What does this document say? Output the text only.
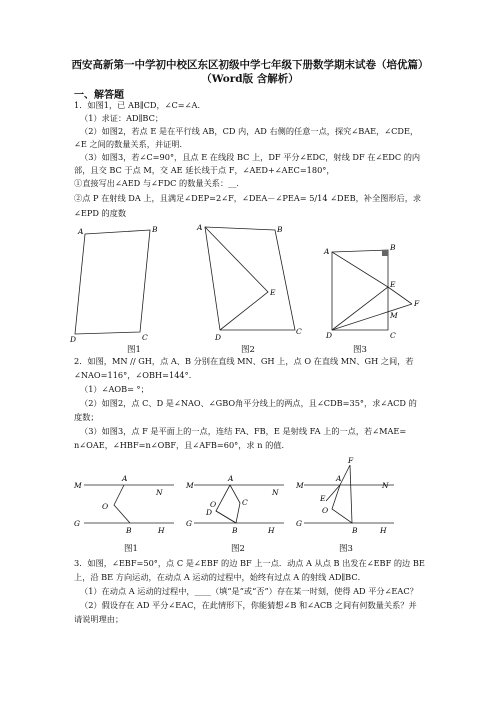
西安高新第一中学初中校区东区初级中学七年级下册数学期末试卷（培优篇）
（Word版 含解析）
一、解答题
1．如图1，已 AB∥CD，∠C=∠A．
（1）求证：AD∥BC；
（2）如图2，若点 E 是在平行线 AB，CD 内，AD 右侧的任意一点，探究∠BAE，∠CDE，
∠E 之间的数量关系，并证明．
（3）如图3，若∠C=90°，且点 E 在线段 BC 上，DF 平分∠EDC，射线 DF 在∠EDC 的内
部，且交 BC 于点 M，交 AE 延长线于点 F，∠AED+∠AEC=180°，
①直接写出∠AED 与∠FDC 的数量关系：__．
②点 P 在射线 DA 上，且满足∠DEP=2∠F，∠DEA－∠PEA= 5/14 ∠DEB，补全图形后，求
∠EPD 的度数
A	B
D	C
A	B
E
D
C
A	B
E
F
M
D	C
图1	图2	图3
2．如图，MN // GH，点 A、B 分别在直线 MN、GH 上，点 O 在直线 MN、GH 之间，若
∠NAO=116°，∠OBH=144°．
（1）∠AOB= °；
（2）如图2，点 C、D 是∠NAO、∠GBO角平分线上的两点，且∠CDB=35°，求∠ACD 的
度数；
（3）如图3，点 F 是平面上的一点，连结 FA、FB，E 是射线 FA 上的一点，若∠MAE=
n∠OAE，∠HBF=n∠OBF，且∠AFB=60°，求 n 的值．
M
N
A
O
G
B	H
M
N
A
C
D
O
G
B	H
M	N
F
A
E
O
G
B	H
图1	图2	图3
3．如图，∠EBF=50°，点 C 是∠EBF 的边 BF 上一点．动点 A 从点 B 出发在∠EBF 的边 BE
上，沿 BE 方向运动，在动点 A 运动的过程中，始终有过点 A 的射线 AD∥BC．
（1）在动点 A 运动的过程中，____（填“是”或“否”）存在某一时刻，使得 AD 平分∠EAC？
（2）假设存在 AD 平分∠EAC，在此情形下，你能猜想∠B 和∠ACB 之间有何数量关系？并
请说明理由；
